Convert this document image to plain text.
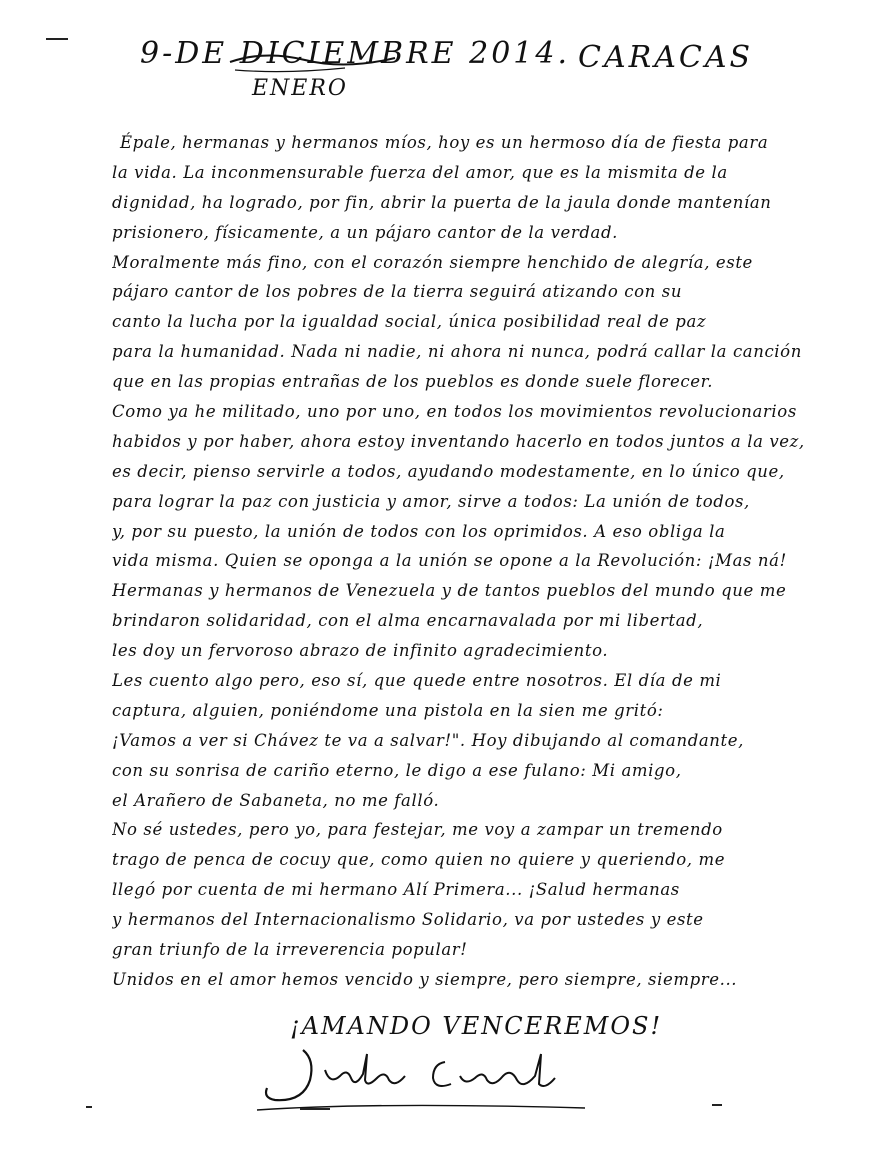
9-DE DICIEMBRE 2014. CARACAS
ENERO
Épale, hermanas y hermanos míos, hoy es un hermoso día de fiesta para
la vida. La inconmensurable fuerza del amor, que es la mismita de la
dignidad, ha logrado, por fin, abrir la puerta de la jaula donde mantenían
prisionero, físicamente, a un pájaro cantor de la verdad.
Moralmente más fino, con el corazón siempre henchido de alegría, este
pájaro cantor de los pobres de la tierra seguirá atizando con su
canto la lucha por la igualdad social, única posibilidad real de paz
para la humanidad. Nada ni nadie, ni ahora ni nunca, podrá callar la canción
que en las propias entrañas de los pueblos es donde suele florecer.
Como ya he militado, uno por uno, en todos los movimientos revolucionarios
habidos y por haber, ahora estoy inventando hacerlo en todos juntos a la vez,
es decir, pienso servirle a todos, ayudando modestamente, en lo único que,
para lograr la paz con justicia y amor, sirve a todos: La unión de todos,
y, por su puesto, la unión de todos con los oprimidos. A eso obliga la
vida misma. Quien se oponga a la unión se opone a la Revolución: ¡Mas ná!
Hermanas y hermanos de Venezuela y de tantos pueblos del mundo que me
brindaron solidaridad, con el alma encarnavalada por mi libertad,
les doy un fervoroso abrazo de infinito agradecimiento.
Les cuento algo pero, eso sí, que quede entre nosotros. El día de mi
captura, alguien, poniéndome una pistola en la sien me gritó:
¡Vamos a ver si Chávez te va a salvar!". Hoy dibujando al comandante,
con su sonrisa de cariño eterno, le digo a ese fulano: Mi amigo,
el Arañero de Sabaneta, no me falló.
No sé ustedes, pero yo, para festejar, me voy a zampar un tremendo
trago de penca de cocuy que, como quien no quiere y queriendo, me
llegó por cuenta de mi hermano Alí Primera... ¡Salud hermanas
y hermanos del Internacionalismo Solidario, va por ustedes y este
gran triunfo de la irreverencia popular!
Unidos en el amor hemos vencido y siempre, pero siempre, siempre...
¡AMANDO VENCEREMOS!
